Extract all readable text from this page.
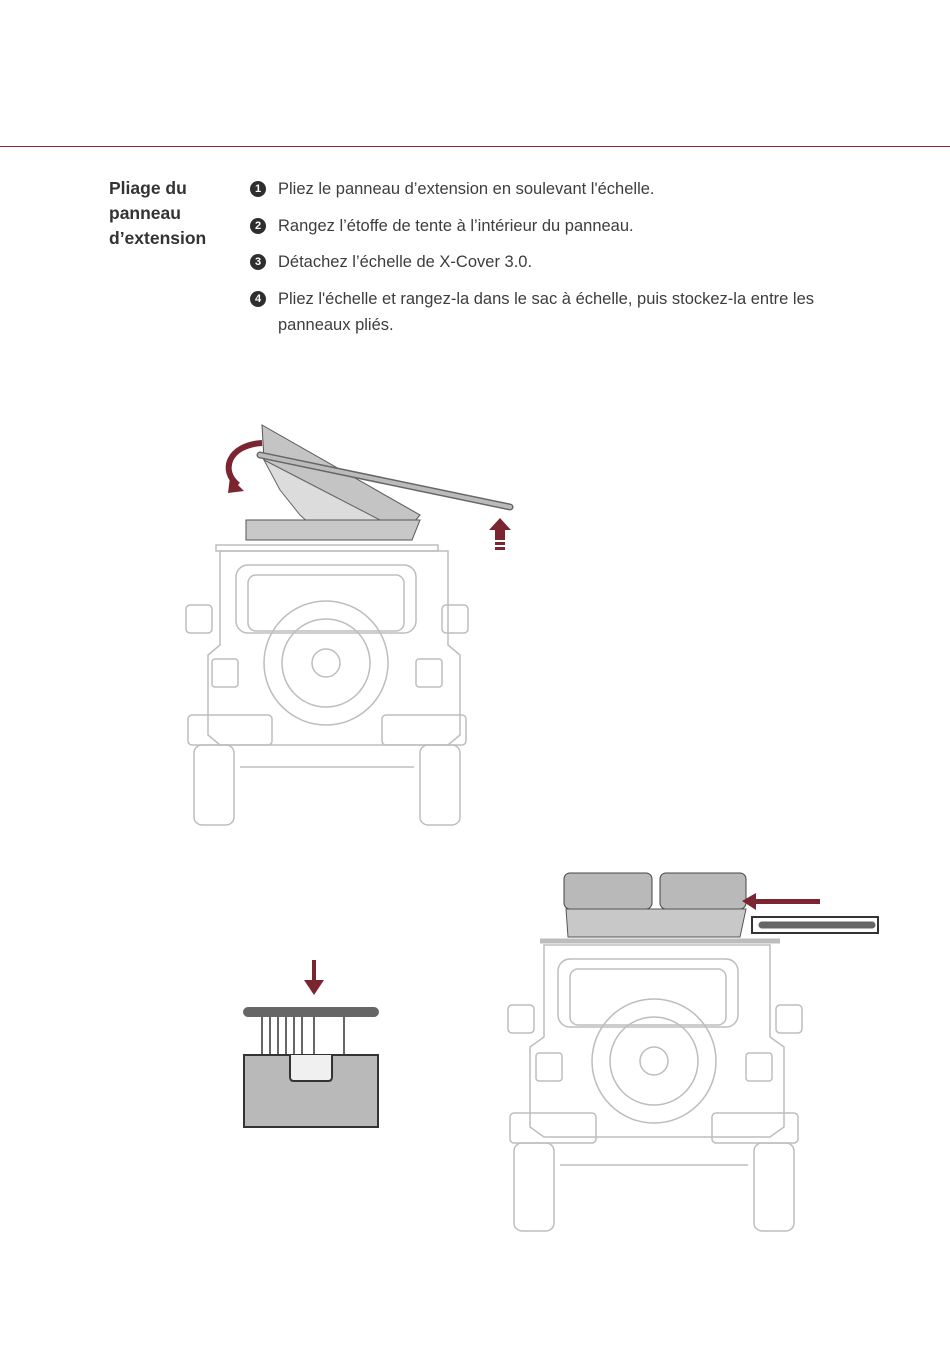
Pliage du
panneau
d’extension
1 Pliez le panneau d’extension en soulevant l'échelle.
2 Rangez l’étoffe de tente à l’intérieur du panneau.
3 Détachez l’échelle de X-Cover 3.0.
4 Pliez l'échelle et rangez-la dans le sac à échelle, puis stockez-la entre les panneaux pliés.
